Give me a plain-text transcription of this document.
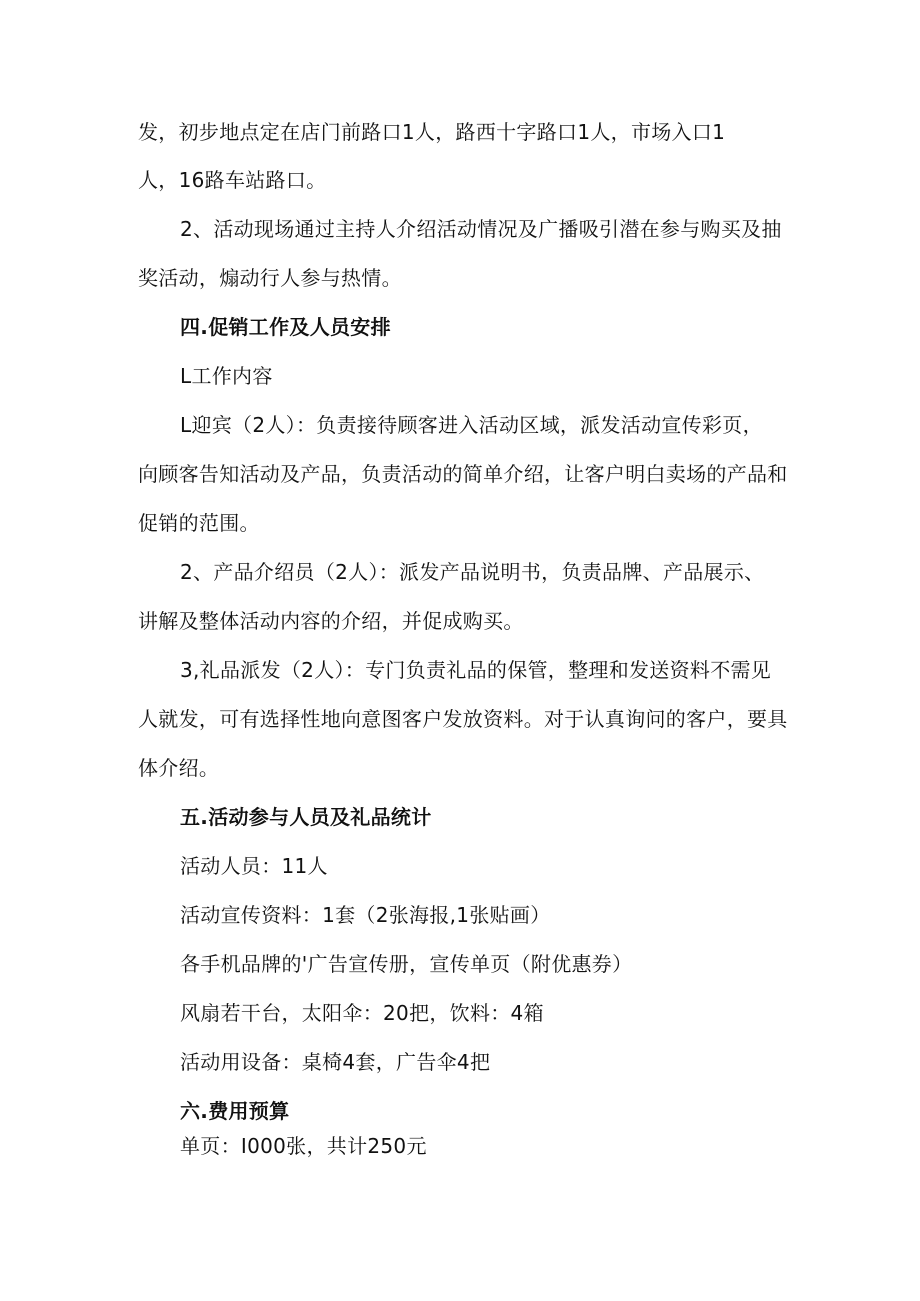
发，初步地点定在店门前路口1人，路西十字路口1人，市场入口1
人，16路车站路口。
2、活动现场通过主持人介绍活动情况及广播吸引潜在参与购买及抽
奖活动，煽动行人参与热情。
四.促销工作及人员安排
L工作内容
L迎宾（2人）：负责接待顾客进入活动区域，派发活动宣传彩页，
向顾客告知活动及产品，负责活动的简单介绍，让客户明白卖场的产品和
促销的范围。
2、产品介绍员（2人）：派发产品说明书，负责品牌、产品展示、
讲解及整体活动内容的介绍，并促成购买。
3,礼品派发（2人）：专门负责礼品的保管，整理和发送资料不需见
人就发，可有选择性地向意图客户发放资料。对于认真询问的客户，要具
体介绍。
五.活动参与人员及礼品统计
活动人员：11人
活动宣传资料：1套（2张海报,1张贴画）
各手机品牌的'广告宣传册，宣传单页（附优惠券）
风扇若干台，太阳伞：20把，饮料：4箱
活动用设备：桌椅4套，广告伞4把
六.费用预算
单页：I000张，共计250元
